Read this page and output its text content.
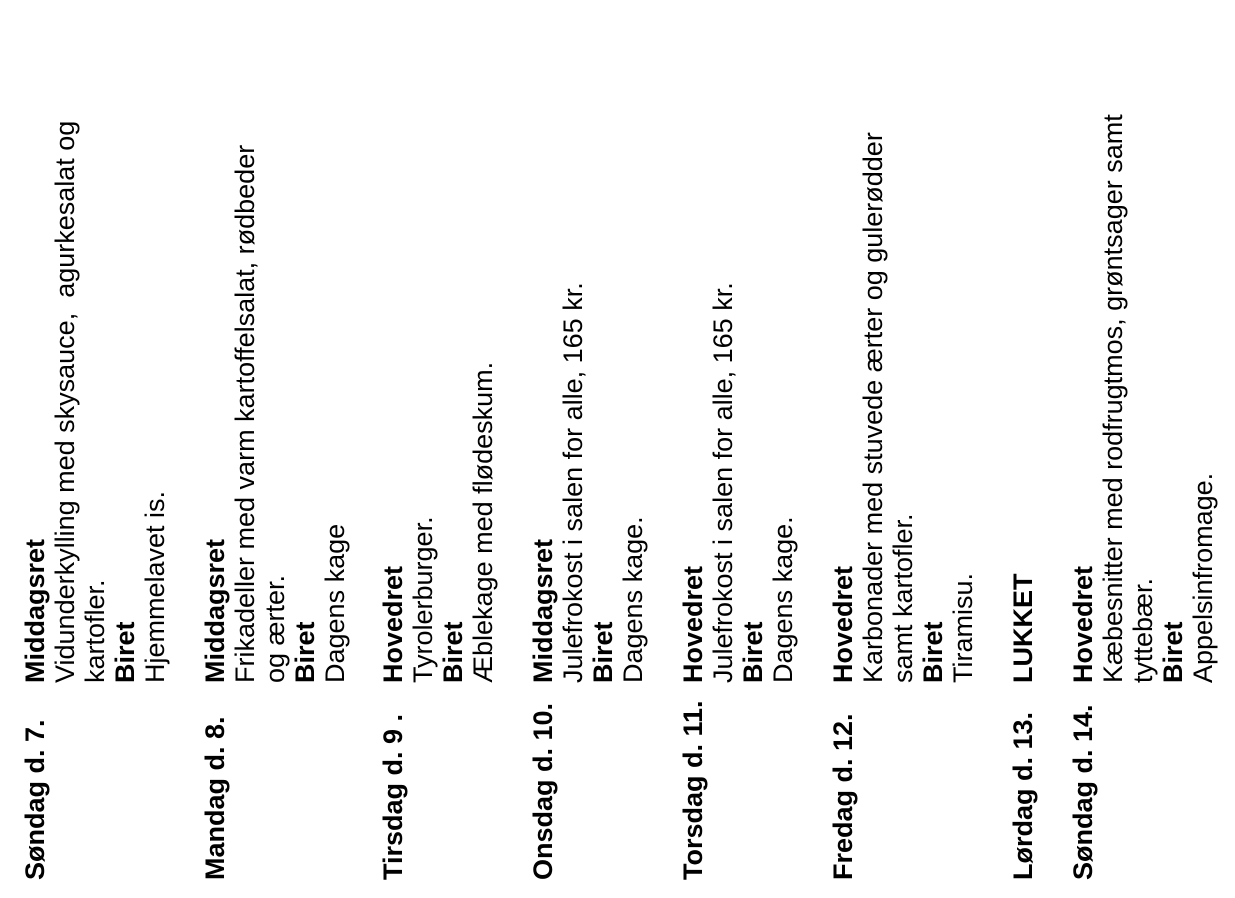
Søndag d. 7.
Middagsret Vidunderkylling med skysauce,  agurkesalat og kartofler. Biret Hjemmelavet is.
Mandag d. 8.
Middagsret Frikadeller med varm kartoffelsalat, rødbeder og ærter. Biret Dagens kage
Tirsdag d. 9 .
Hovedret Tyrolerburger. Biret Æblekage med flødeskum.
Onsdag d. 10.
Middagsret Julefrokost i salen for alle, 165 kr. Biret Dagens kage.
Torsdag d. 11.
Hovedret Julefrokost i salen for alle, 165 kr. Biret Dagens kage.
Fredag d. 12.
Hovedret Karbonader med stuvede ærter og gulerødder samt kartofler. Biret Tiramisu.
Lørdag d. 13.
LUKKET
Søndag d. 14.
Hovedret Kæbesnitter med rodfrugtmos, grøntsager samt tyttebær. Biret Appelsinfromage.
